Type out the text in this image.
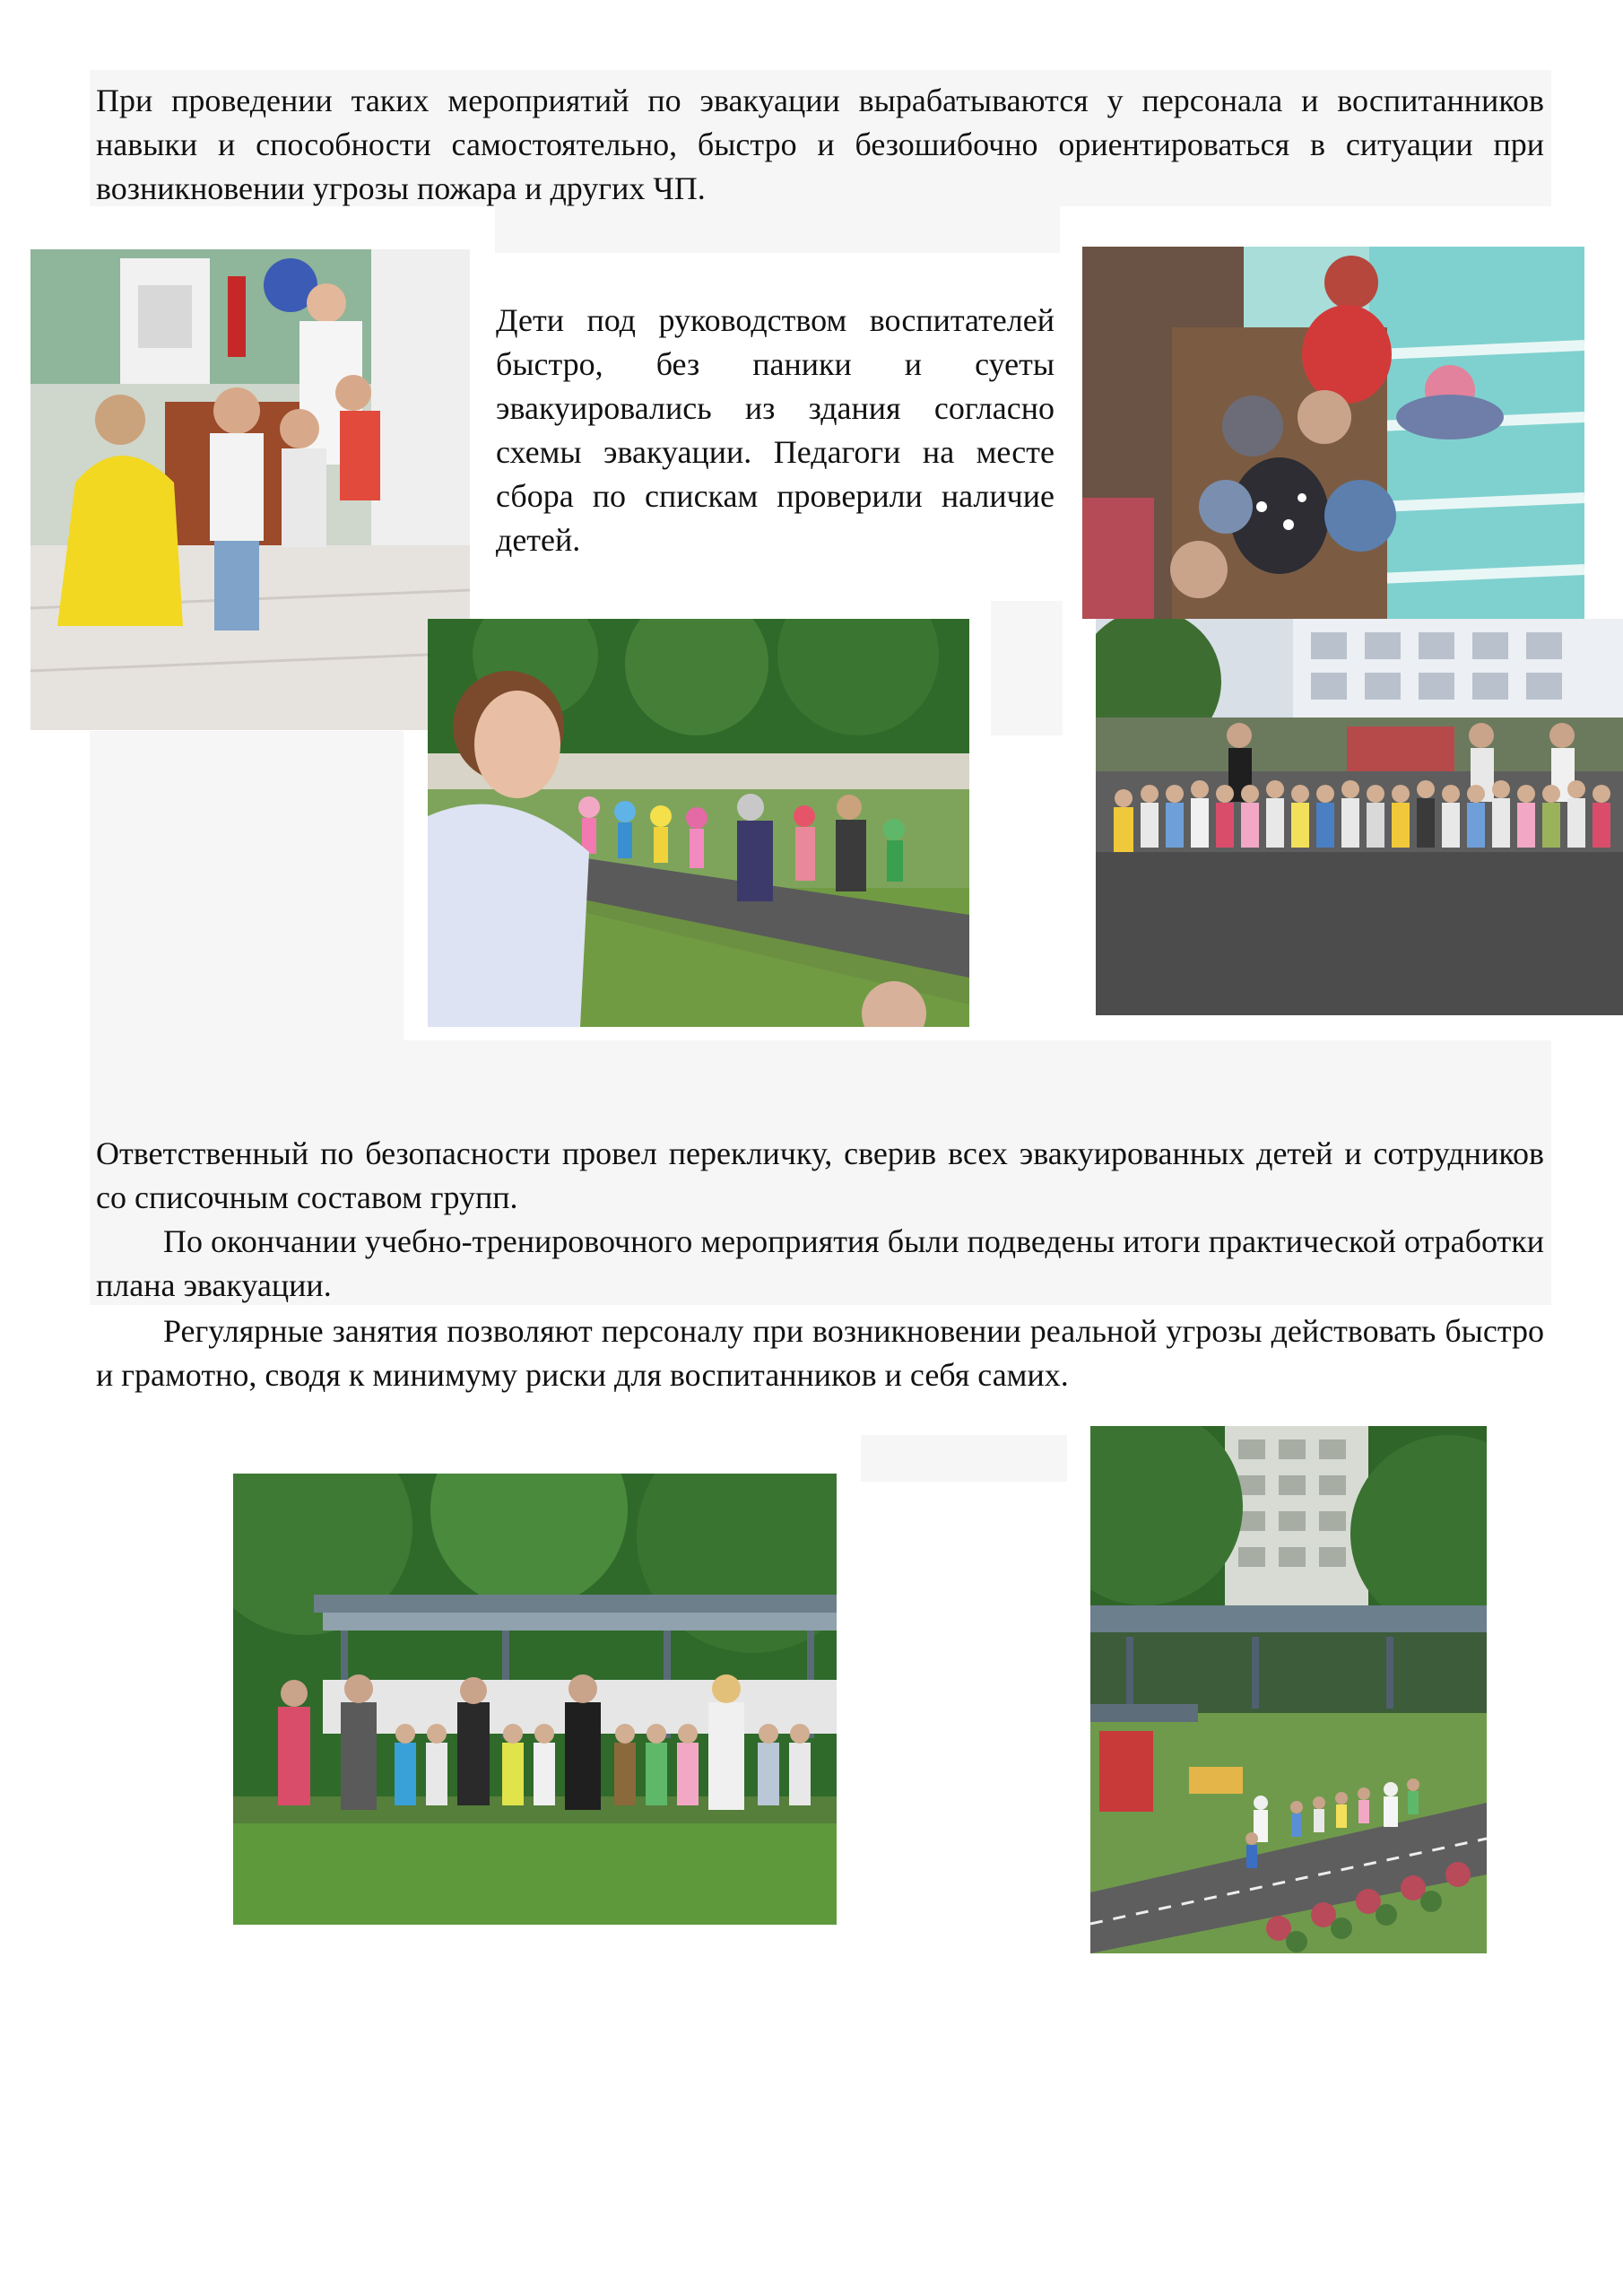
При проведении таких мероприятий по эвакуации вырабатываются у персонала и воспитанников навыки и способности самостоятельно, быстро и безошибочно ориентироваться в ситуации при возникновении угрозы пожара и других ЧП.

Дети под руководством воспитателей быстро, без паники и суеты эвакуировались из здания согласно схемы эвакуации. Педагоги на месте сбора по спискам проверили наличие детей.

Ответственный по безопасности провел перекличку, сверив всех эвакуированных детей и сотрудников со списочным составом групп.

По окончании учебно-тренировочного мероприятия были подведены итоги практической отработки плана эвакуации.

Регулярные занятия позволяют персоналу при возникновении реальной угрозы действовать быстро и грамотно, сводя к минимуму риски для воспитанников и себя самих.
